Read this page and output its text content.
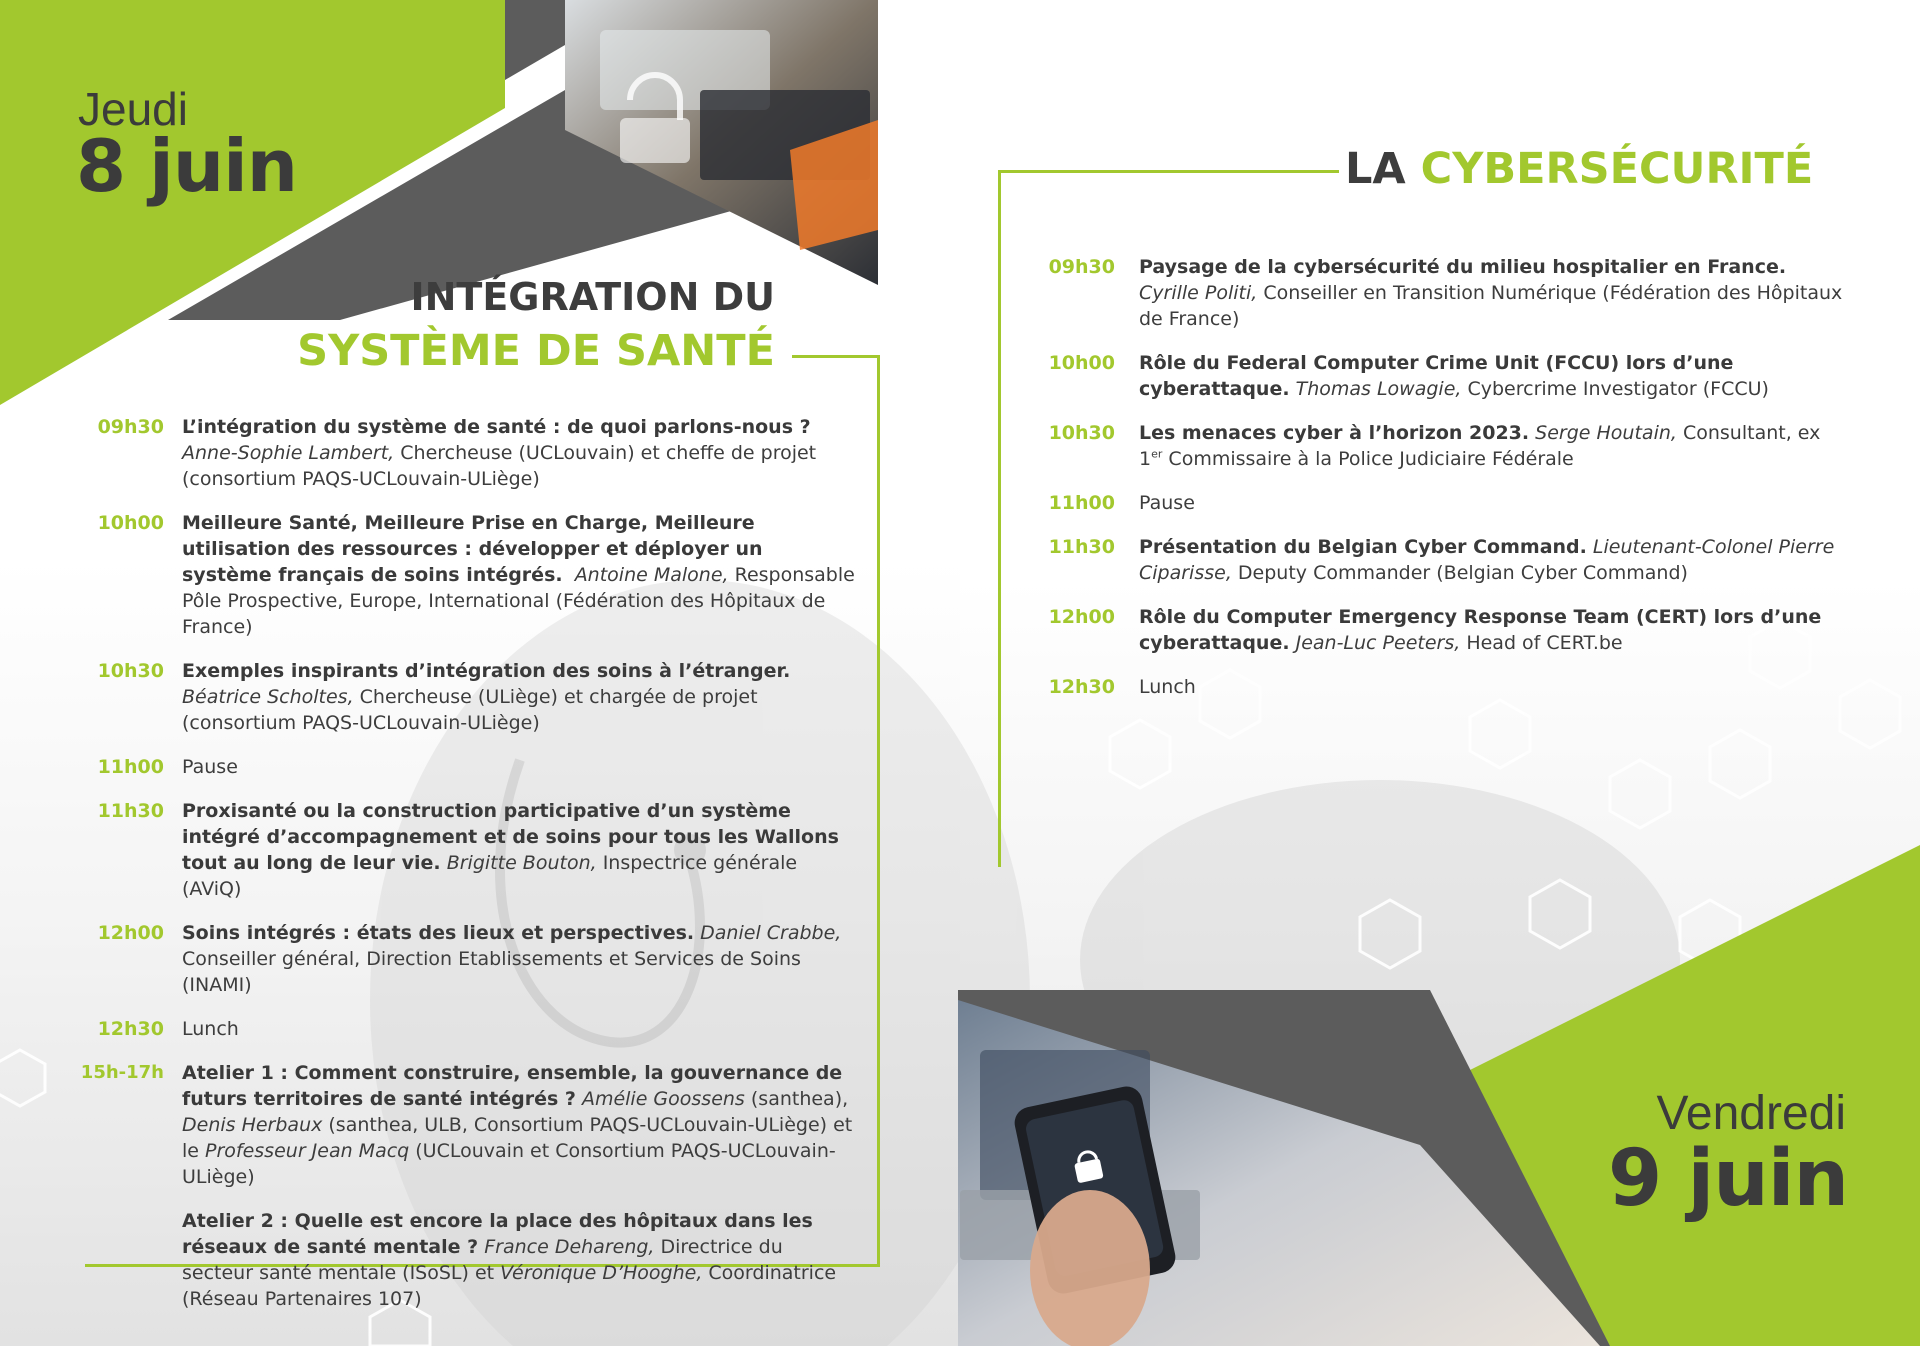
Jeudi
8 juin
INTÉGRATION DU
SYSTÈME DE SANTÉ
09h30 L’intégration du système de santé : de quoi parlons-nous ?
Anne-Sophie Lambert, Chercheuse (UCLouvain) et cheffe de projet (consortium PAQS-UCLouvain-ULiège)
10h00 Meilleure Santé, Meilleure Prise en Charge, Meilleure utilisation des ressources : développer et déployer un système français de soins intégrés. Antoine Malone, Responsable Pôle Prospective, Europe, International (Fédération des Hôpitaux de France)
10h30 Exemples inspirants d’intégration des soins à l’étranger. Béatrice Scholtes, Chercheuse (ULiège) et chargée de projet (consortium PAQS-UCLouvain-ULiège)
11h00 Pause
11h30 Proxisanté ou la construction participative d’un système intégré d’accompagnement et de soins pour tous les Wallons tout au long de leur vie. Brigitte Bouton, Inspectrice générale (AViQ)
12h00 Soins intégrés : états des lieux et perspectives. Daniel Crabbe, Conseiller général, Direction Etablissements et Services de Soins (INAMI)
12h30 Lunch
15h-17h Atelier 1 : Comment construire, ensemble, la gouvernance de futurs territoires de santé intégrés ? Amélie Goossens (santhea), Denis Herbaux (santhea, ULB, Consortium PAQS-UCLouvain-ULiège) et le Professeur Jean Macq (UCLouvain et Consortium PAQS-UCLouvain-ULiège)
Atelier 2 : Quelle est encore la place des hôpitaux dans les réseaux de santé mentale ? France Dehareng, Directrice du secteur santé mentale (ISoSL) et Véronique D’Hooghe, Coordinatrice (Réseau Partenaires 107)
LA CYBERSÉCURITÉ
09h30	Paysage de la cybersécurité du milieu hospitalier en France.
Cyrille Politi, Conseiller en Transition Numérique (Fédération des Hôpitaux de France)
10h00	Rôle du Federal Computer Crime Unit (FCCU) lors d’une cyberattaque. Thomas Lowagie, Cybercrime Investigator (FCCU)
10h30	Les menaces cyber à l’horizon 2023. Serge Houtain, Consultant, ex 1er Commissaire à la Police Judiciaire Fédérale
11h00	Pause
11h30	Présentation du Belgian Cyber Command. Lieutenant-Colonel Pierre Ciparisse, Deputy Commander (Belgian Cyber Command)
12h00	Rôle du Computer Emergency Response Team (CERT) lors d’une cyberattaque. Jean-Luc Peeters, Head of CERT.be
12h30	Lunch
Vendredi
9 juin
